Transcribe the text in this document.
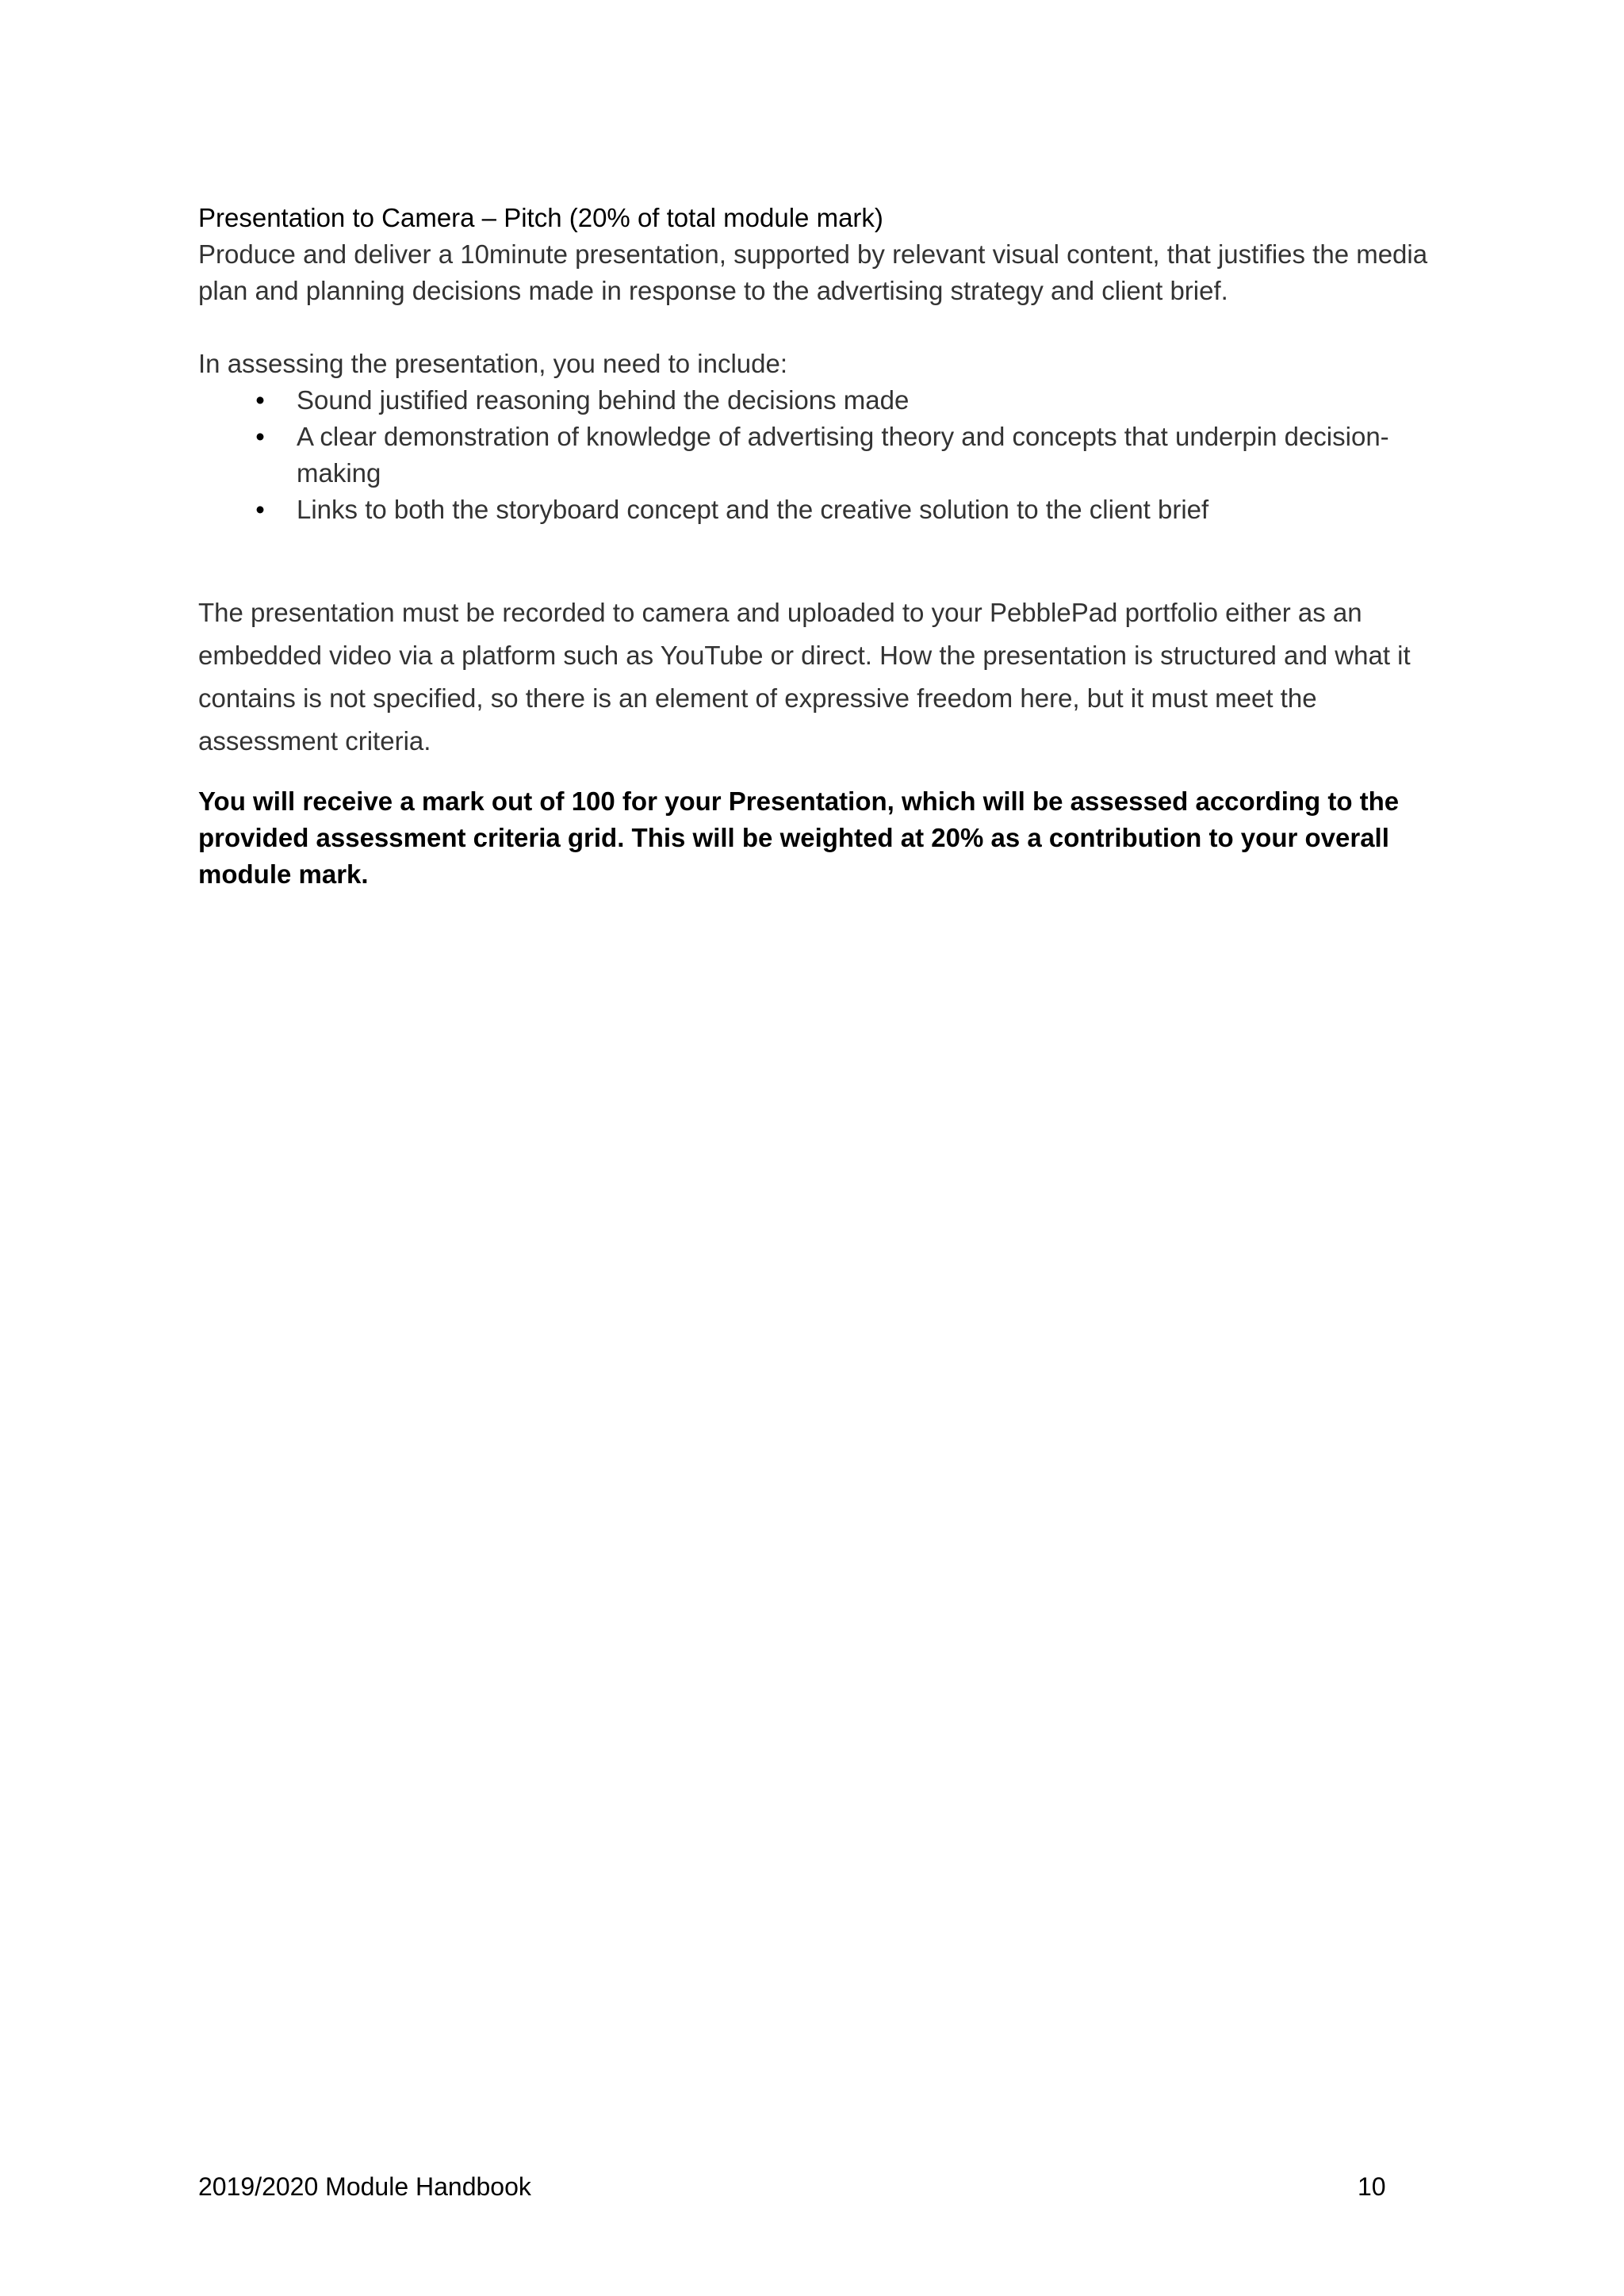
Presentation to Camera – Pitch (20% of total module mark)

Produce and deliver a 10minute presentation, supported by relevant visual content, that justifies the media plan and planning decisions made in response to the advertising strategy and client brief.

In assessing the presentation, you need to include:

• Sound justified reasoning behind the decisions made
• A clear demonstration of knowledge of advertising theory and concepts that underpin decision-making
• Links to both the storyboard concept and the creative solution to the client brief

The presentation must be recorded to camera and uploaded to your PebblePad portfolio either as an embedded video via a platform such as YouTube or direct. How the presentation is structured and what it contains is not specified, so there is an element of expressive freedom here, but it must meet the assessment criteria.

You will receive a mark out of 100 for your Presentation, which will be assessed according to the provided assessment criteria grid. This will be weighted at 20% as a contribution to your overall module mark.

2019/2020 Module Handbook	10
